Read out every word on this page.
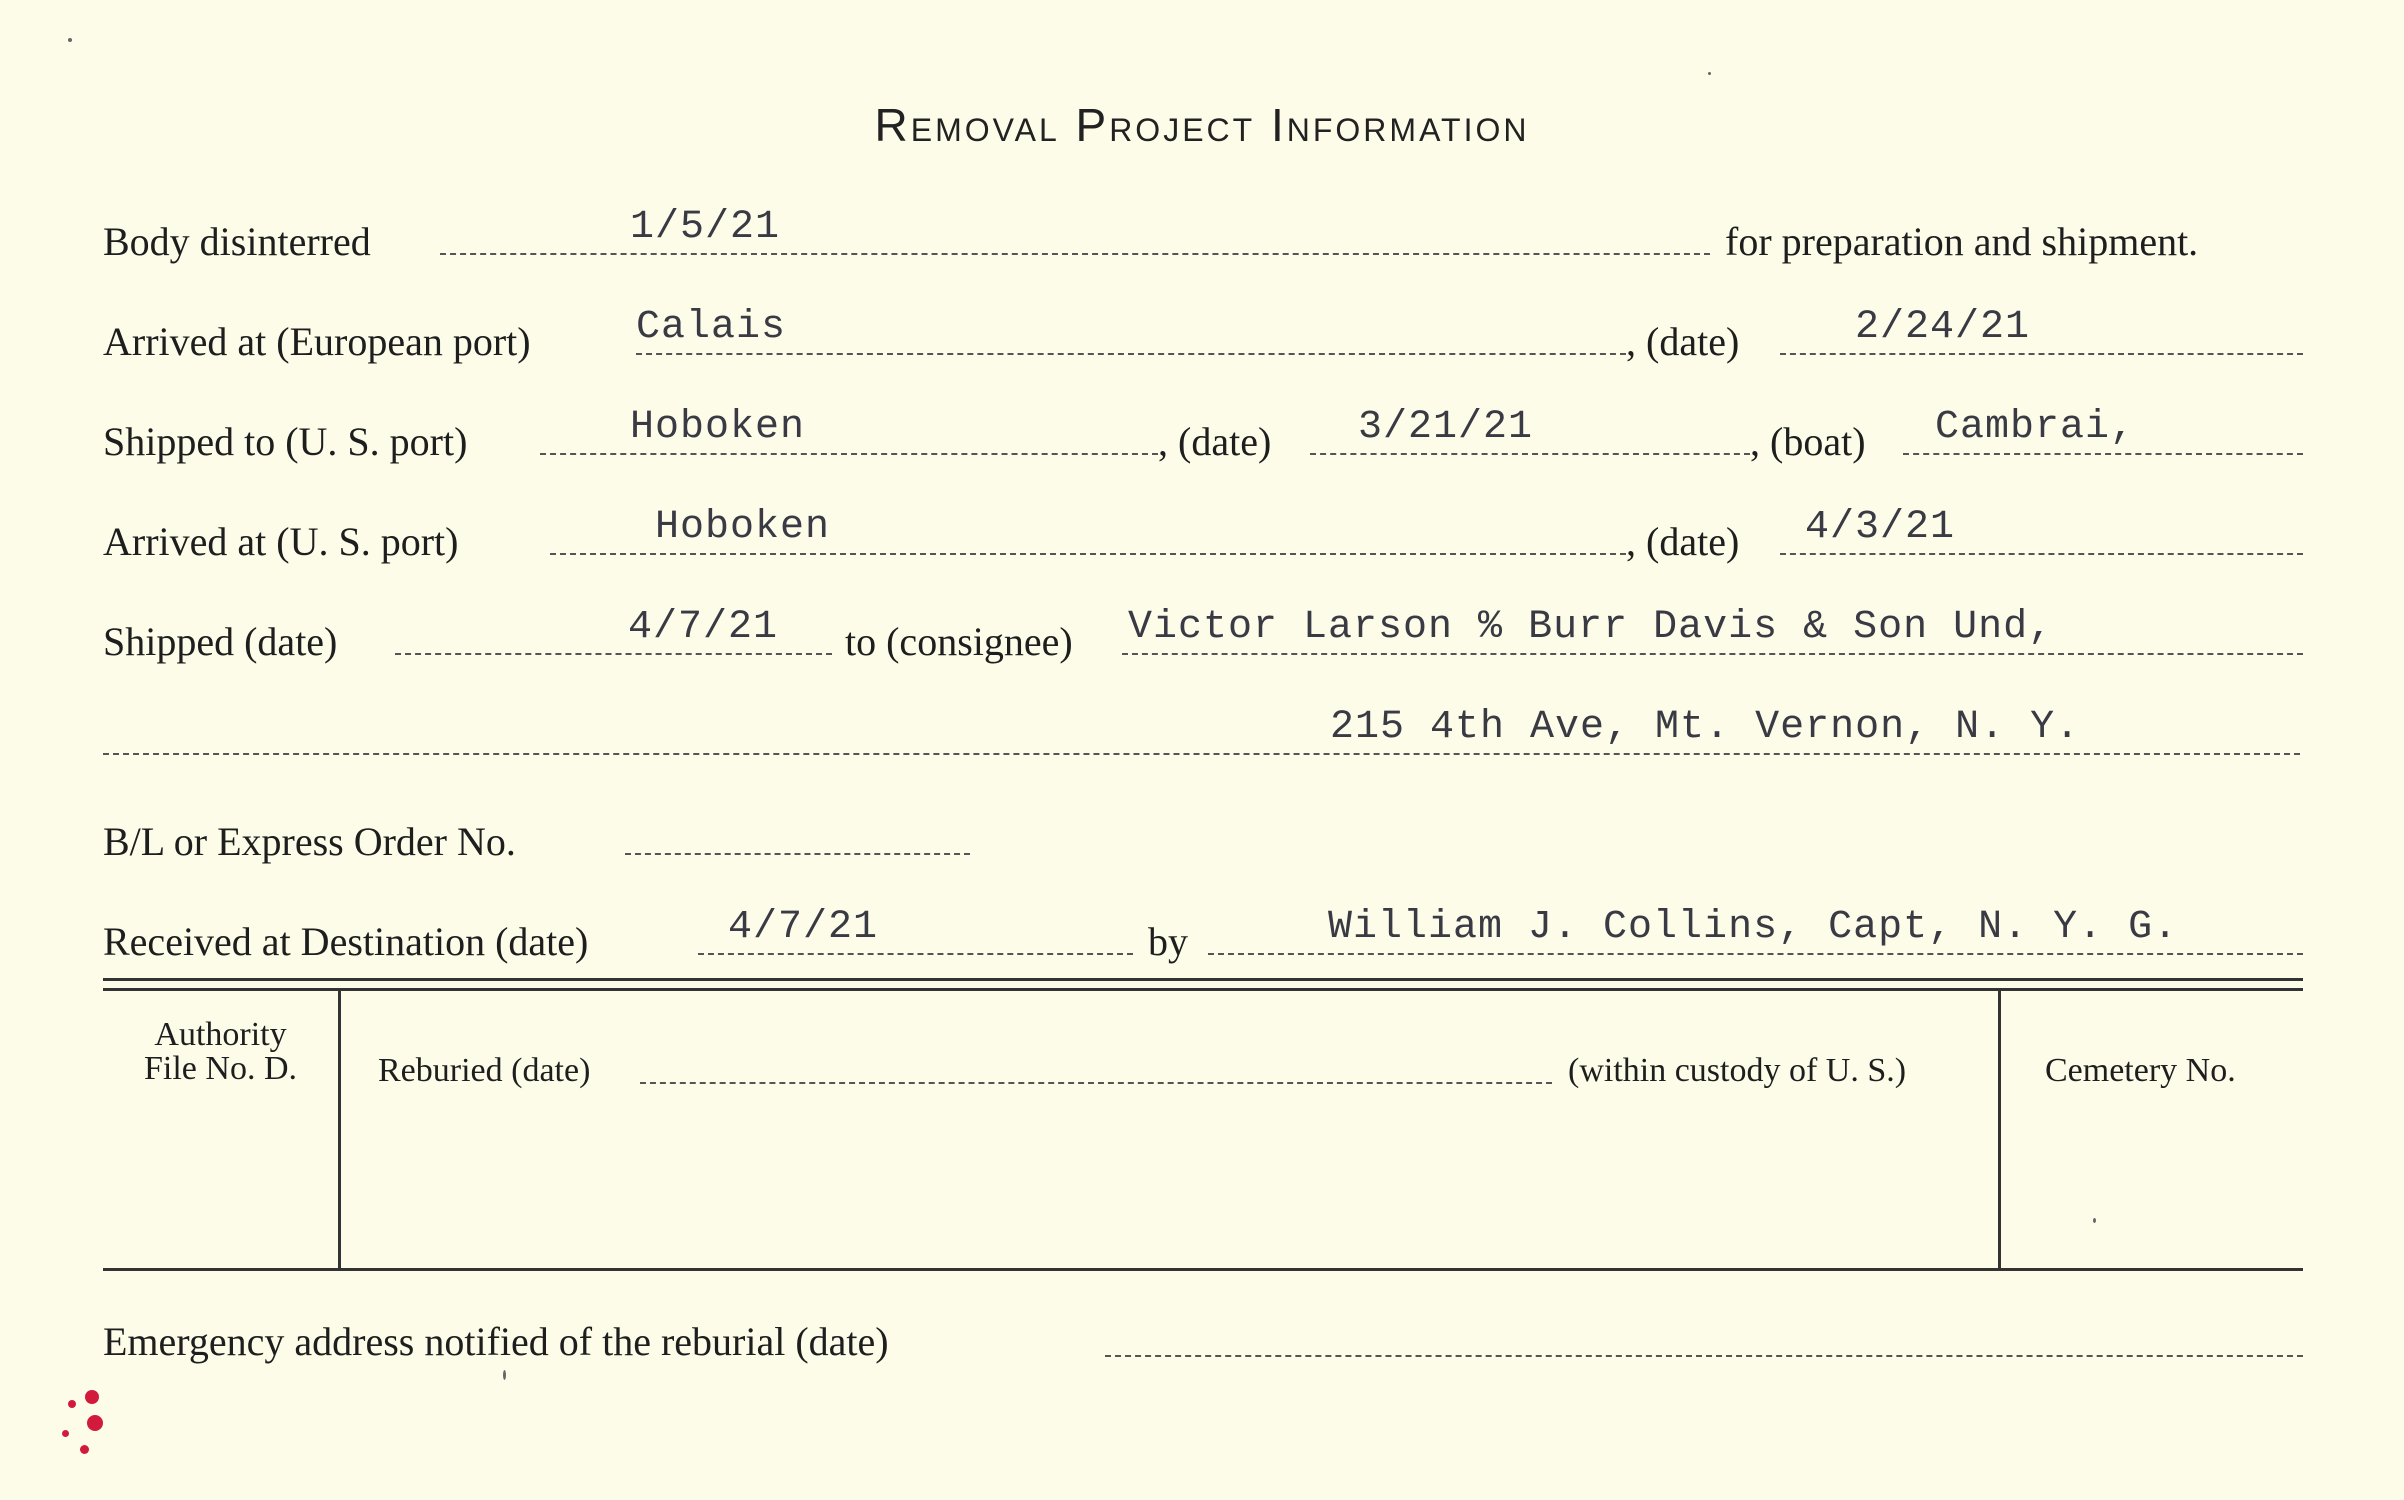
Removal Project Information
Body disinterred	1/5/21	for preparation and shipment.
Arrived at (European port)	Calais	, (date)	2/24/21
Shipped to (U. S. port)	Hoboken	, (date) 3/21/21	, (boat) Cambrai,
Arrived at (U. S. port)	Hoboken	, (date) 4/3/21
Shipped (date)	4/7/21 to (consignee) Victor Larson % Burr Davis & Son Und,
215 4th Ave, Mt. Vernon, N. Y.
B/L or Express Order No.
Received at Destination (date)	4/7/21	by	William J. Collins, Capt, N. Y. G.
Authority
File No. D.	Reburied (date)	(within custody of U. S.)	Cemetery No.
Emergency address notified of the reburial (date)
